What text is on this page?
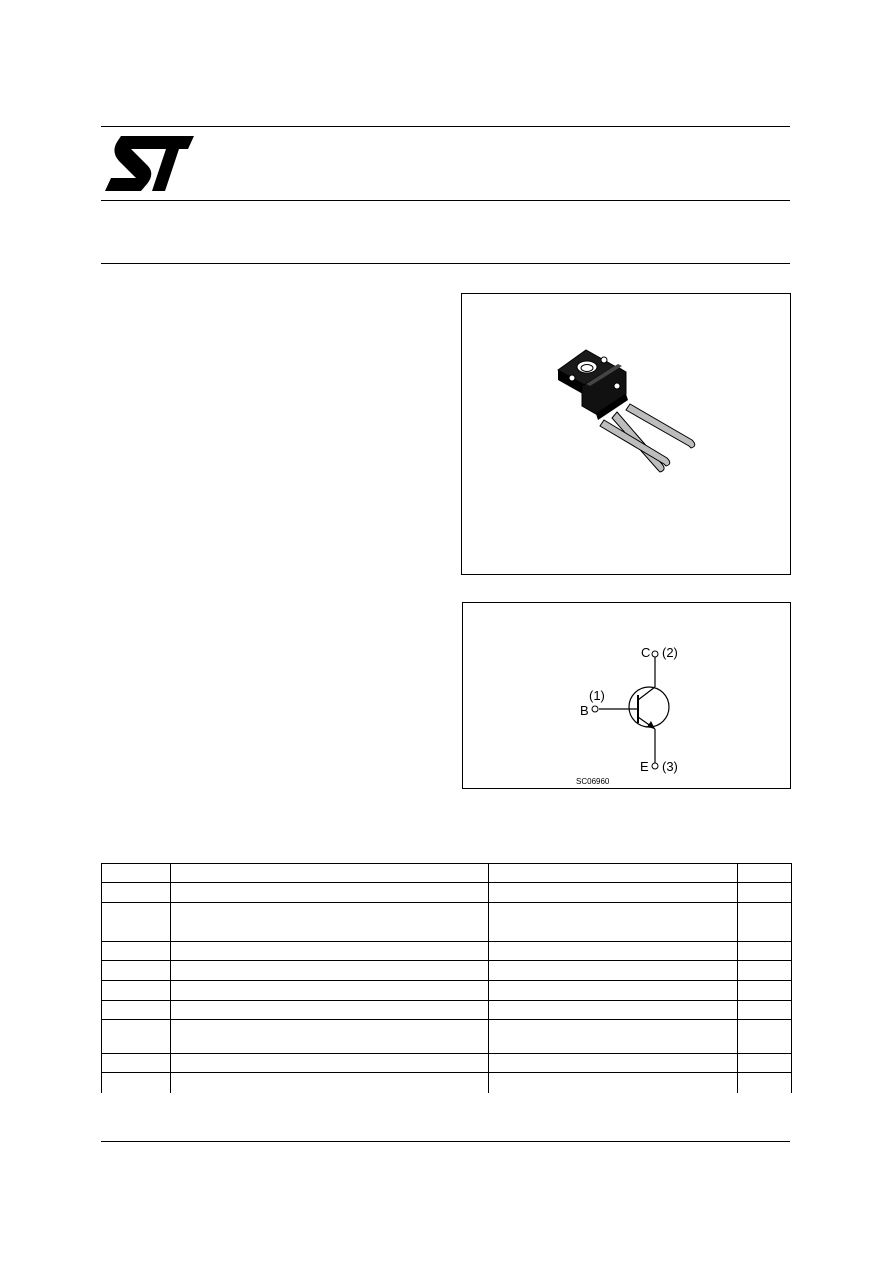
C (2)
B
(1)
E (3)
SC06960
